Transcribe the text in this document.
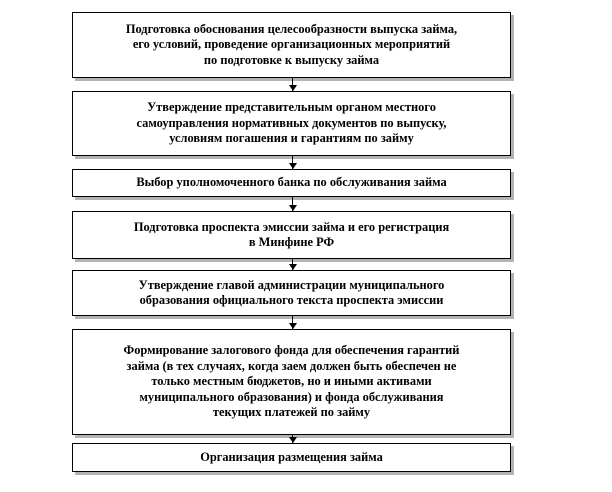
Подготовка обоснования целесообразности выпуска займа,
его условий, проведение организационных мероприятий
по подготовке к выпуску займа
Утверждение представительным органом местного
самоуправления нормативных документов по выпуску,
условиям погашения и гарантиям по займу
Выбор уполномоченного банка по обслуживания займа
Подготовка проспекта эмиссии займа и его регистрация
в Минфине РФ
Утверждение главой администрации муниципального
образования официального текста проспекта эмиссии
Формирование залогового фонда для обеспечения гарантий
займа (в тех случаях, когда заем должен быть обеспечен не
только местным бюджетов, но и иными активами
муниципального образования) и фонда обслуживания
текущих платежей по займу
Организация размещения займа
